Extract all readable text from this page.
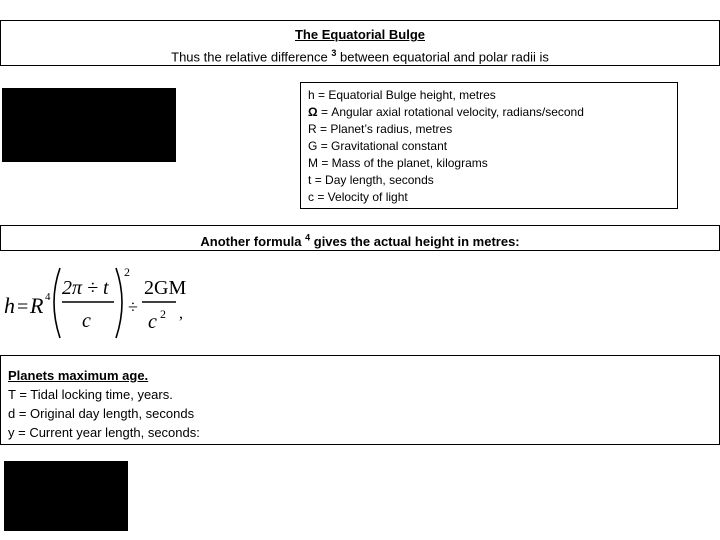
The Equatorial Bulge
Thus the relative difference $^3$ between equatorial and polar radii is
h = Equatorial Bulge height, metres
Ω = Angular axial rotational velocity, radians/second
R = Planet’s radius, metres
G = Gravitational constant
M = Mass of the planet, kilograms
t = Day length, seconds
c = Velocity of light
Another formula $^4$ gives the actual height in metres:
h = R 4 2π ÷ t
c
2
÷
2GM
c 2 ,
Planets maximum age.
T = Tidal locking time, years.
d = Original day length, seconds
y = Current year length, seconds:
